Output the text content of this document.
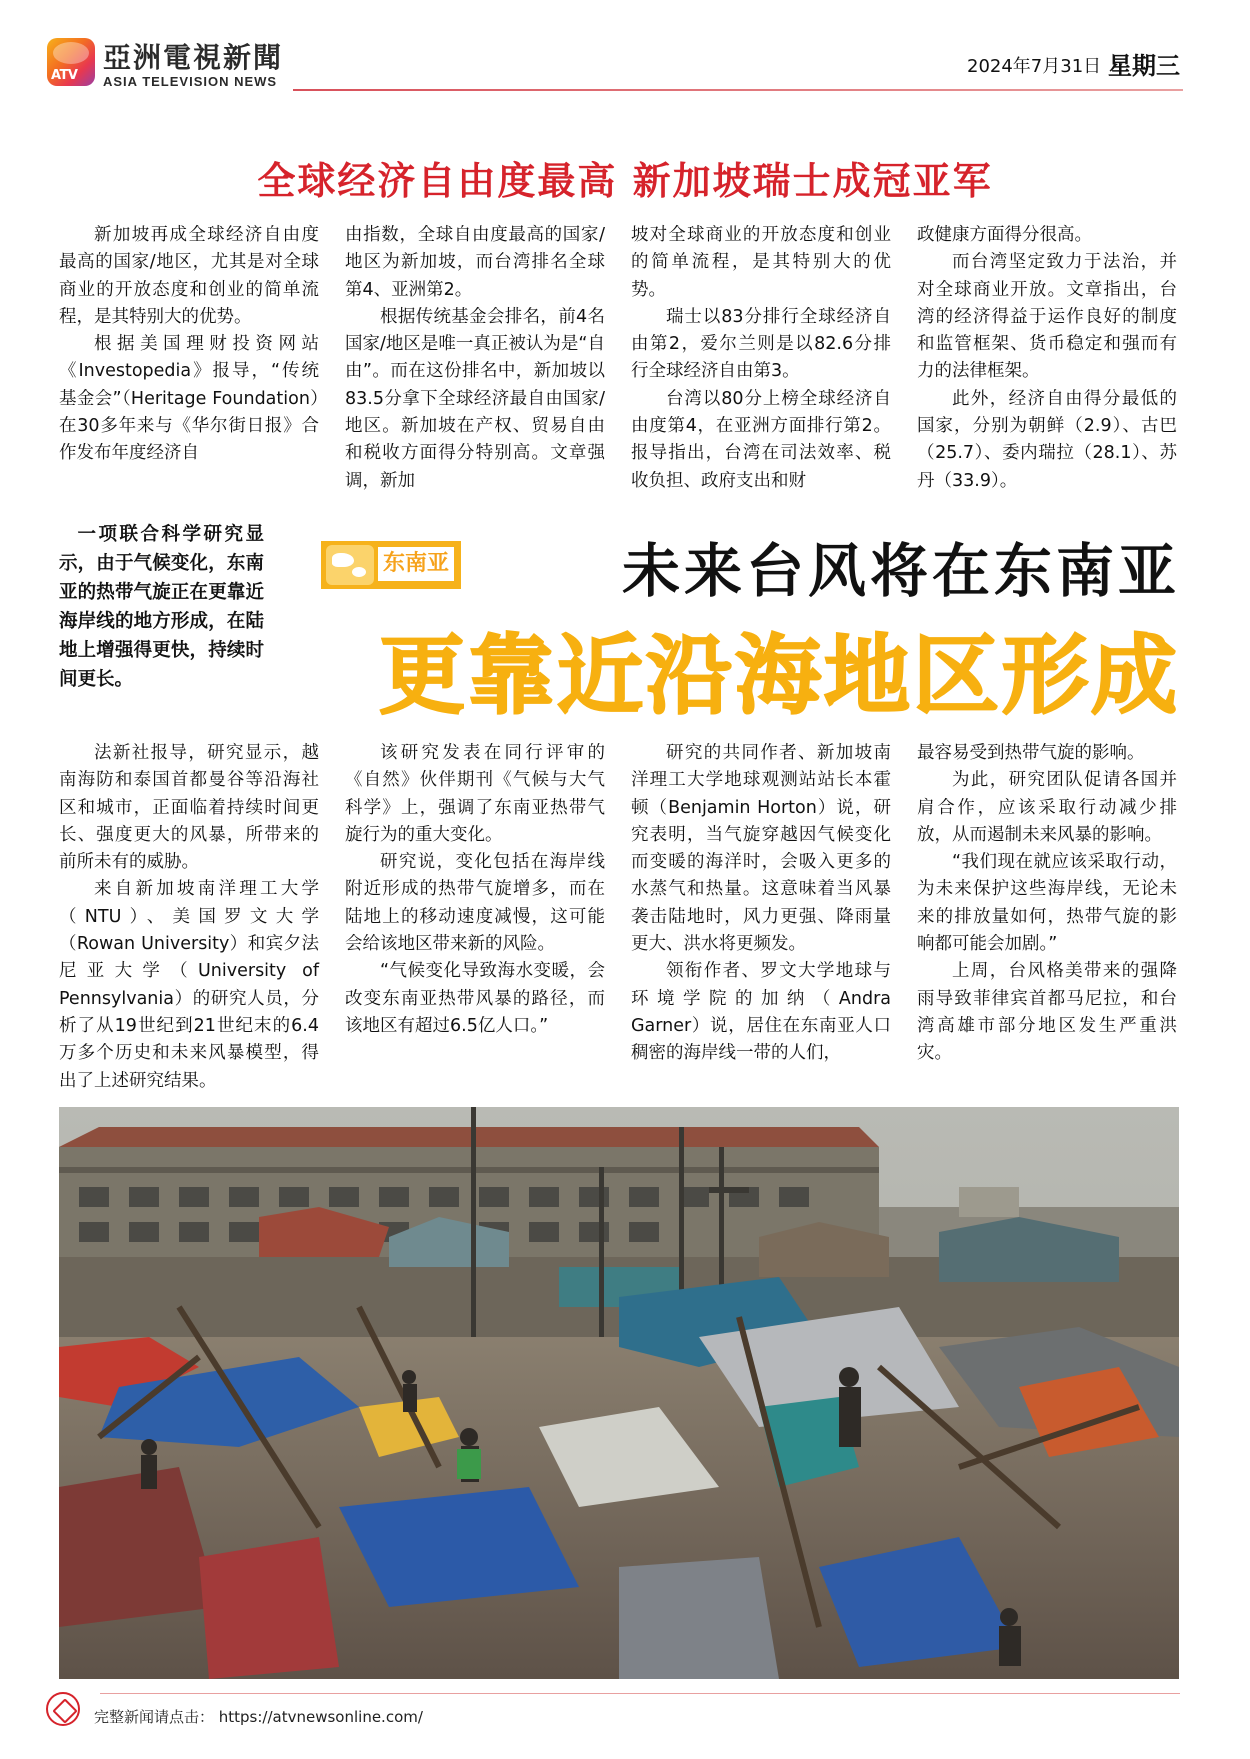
ATV
亞洲電視新聞
ASIA TELEVISION NEWS
2024年7月31日 星期三
全球经济自由度最高 新加坡瑞士成冠亚军

新加坡再成全球经济自由度最高的国家/地区，尤其是对全球商业的开放态度和创业的简单流程，是其特别大的优势。

根据美国理财投资网站《Investopedia》报导，“传统基金会”（Heritage Foundation）在30多年来与《华尔街日报》合作发布年度经济自

由指数，全球自由度最高的国家/地区为新加坡，而台湾排名全球第4、亚洲第2。

根据传统基金会排名，前4名国家/地区是唯一真正被认为是“自由”。而在这份排名中，新加坡以83.5分拿下全球经济最自由国家/地区。新加坡在产权、贸易自由和税收方面得分特别高。文章强调，新加

坡对全球商业的开放态度和创业的简单流程，是其特别大的优势。

瑞士以83分排行全球经济自由第2，爱尔兰则是以82.6分排行全球经济自由第3。

台湾以80分上榜全球经济自由度第4，在亚洲方面排行第2。报导指出，台湾在司法效率、税收负担、政府支出和财

政健康方面得分很高。

而台湾坚定致力于法治，并对全球商业开放。文章指出，台湾的经济得益于运作良好的制度和监管框架、货币稳定和强而有力的法律框架。

此外，经济自由得分最低的国家，分别为朝鲜（2.9）、古巴（25.7）、委内瑞拉（28.1）、苏丹（33.9）。

一项联合科学研究显示，由于气候变化，东南亚的热带气旋正在更靠近海岸线的地方形成，在陆地上增强得更快，持续时间更长。

东南亚	未来台风将在东南亚
更靠近沿海地区形成

法新社报导，研究显示，越南海防和泰国首都曼谷等沿海社区和城市，正面临着持续时间更长、强度更大的风暴，所带来的前所未有的威胁。

来自新加坡南洋理工大学（NTU）、美国罗文大学（Rowan University）和宾夕法尼亚大学（University of Pennsylvania）的研究人员，分析了从19世纪到21世纪末的6.4万多个历史和未来风暴模型，得出了上述研究结果。

该研究发表在同行评审的《自然》伙伴期刊《气候与大气科学》上，强调了东南亚热带气旋行为的重大变化。

研究说，变化包括在海岸线附近形成的热带气旋增多，而在陆地上的移动速度减慢，这可能会给该地区带来新的风险。

“气候变化导致海水变暖，会改变东南亚热带风暴的路径，而该地区有超过6.5亿人口。”

研究的共同作者、新加坡南洋理工大学地球观测站站长本霍顿（Benjamin Horton）说，研究表明，当气旋穿越因气候变化而变暖的海洋时，会吸入更多的水蒸气和热量。这意味着当风暴袭击陆地时，风力更强、降雨量更大、洪水将更频发。

领衔作者、罗文大学地球与环境学院的加纳（Andra Garner）说，居住在东南亚人口稠密的海岸线一带的人们，

最容易受到热带气旋的影响。

为此，研究团队促请各国并肩合作，应该采取行动减少排放，从而遏制未来风暴的影响。

“我们现在就应该采取行动，为未来保护这些海岸线，无论未来的排放量如何，热带气旋的影响都可能会加剧。”

上周，台风格美带来的强降雨导致菲律宾首都马尼拉，和台湾高雄市部分地区发生严重洪灾。

完整新闻请点击： https://atvnewsonline.com/
